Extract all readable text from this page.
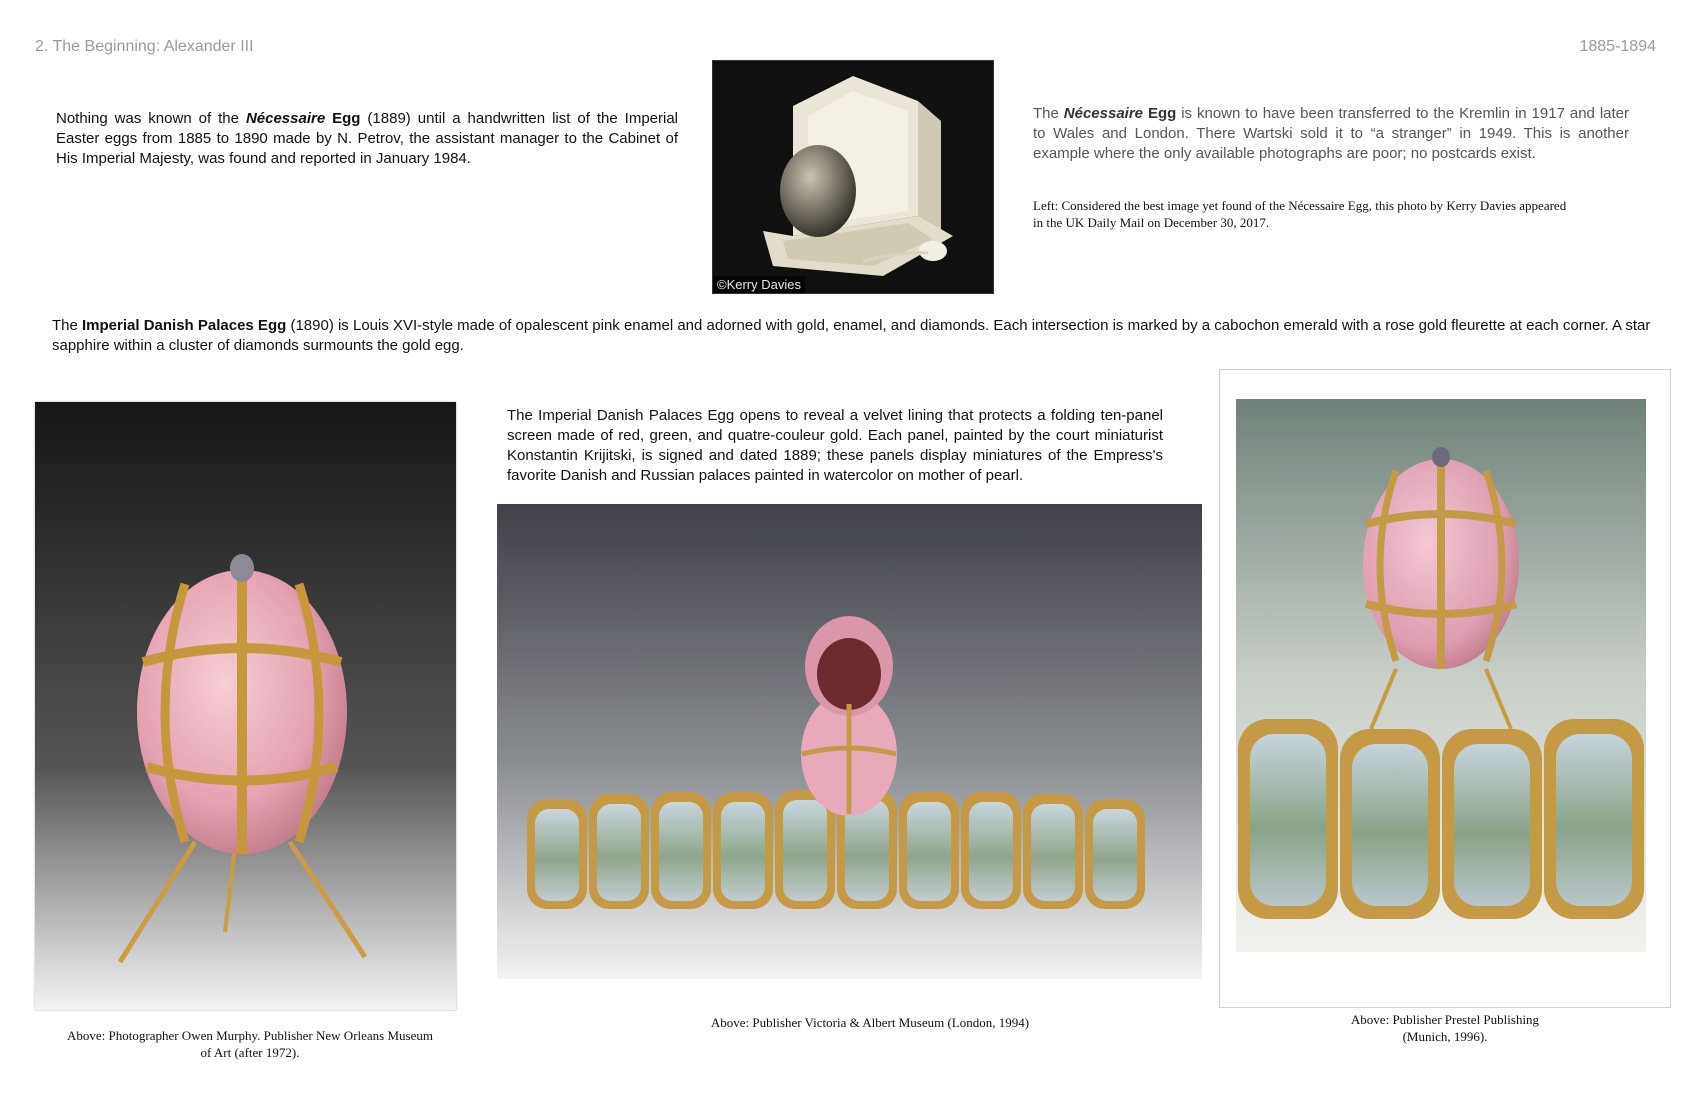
2. The Beginning: Alexander III	1885-1894
Nothing was known of the Nécessaire Egg (1889) until a handwritten list of the Imperial Easter eggs from 1885 to 1890 made by N. Petrov, the assistant manager to the Cabinet of His Imperial Majesty, was found and reported in January 1984.
©Kerry Davies
The Nécessaire Egg is known to have been transferred to the Kremlin in 1917 and later to Wales and London. There Wartski sold it to “a stranger” in 1949. This is another example where the only available photographs are poor; no postcards exist.
Left: Considered the best image yet found of the Nécessaire Egg, this photo by Kerry Davies appeared in the UK Daily Mail on December 30, 2017.
The Imperial Danish Palaces Egg (1890) is Louis XVI-style made of opalescent pink enamel and adorned with gold, enamel, and diamonds. Each intersection is marked by a cabochon emerald with a rose gold fleurette at each corner. A star sapphire within a cluster of diamonds surmounts the gold egg.
The Imperial Danish Palaces Egg opens to reveal a velvet lining that protects a folding ten-panel screen made of red, green, and quatre-couleur gold. Each panel, painted by the court miniaturist Konstantin Krijitski, is signed and dated 1889; these panels display miniatures of the Empress's favorite Danish and Russian palaces painted in watercolor on mother of pearl.
Above: Photographer Owen Murphy. Publisher New Orleans Museum of Art (after 1972).
Above: Publisher Victoria & Albert Museum (London, 1994)	Above: Publisher Prestel Publishing (Munich, 1996).
